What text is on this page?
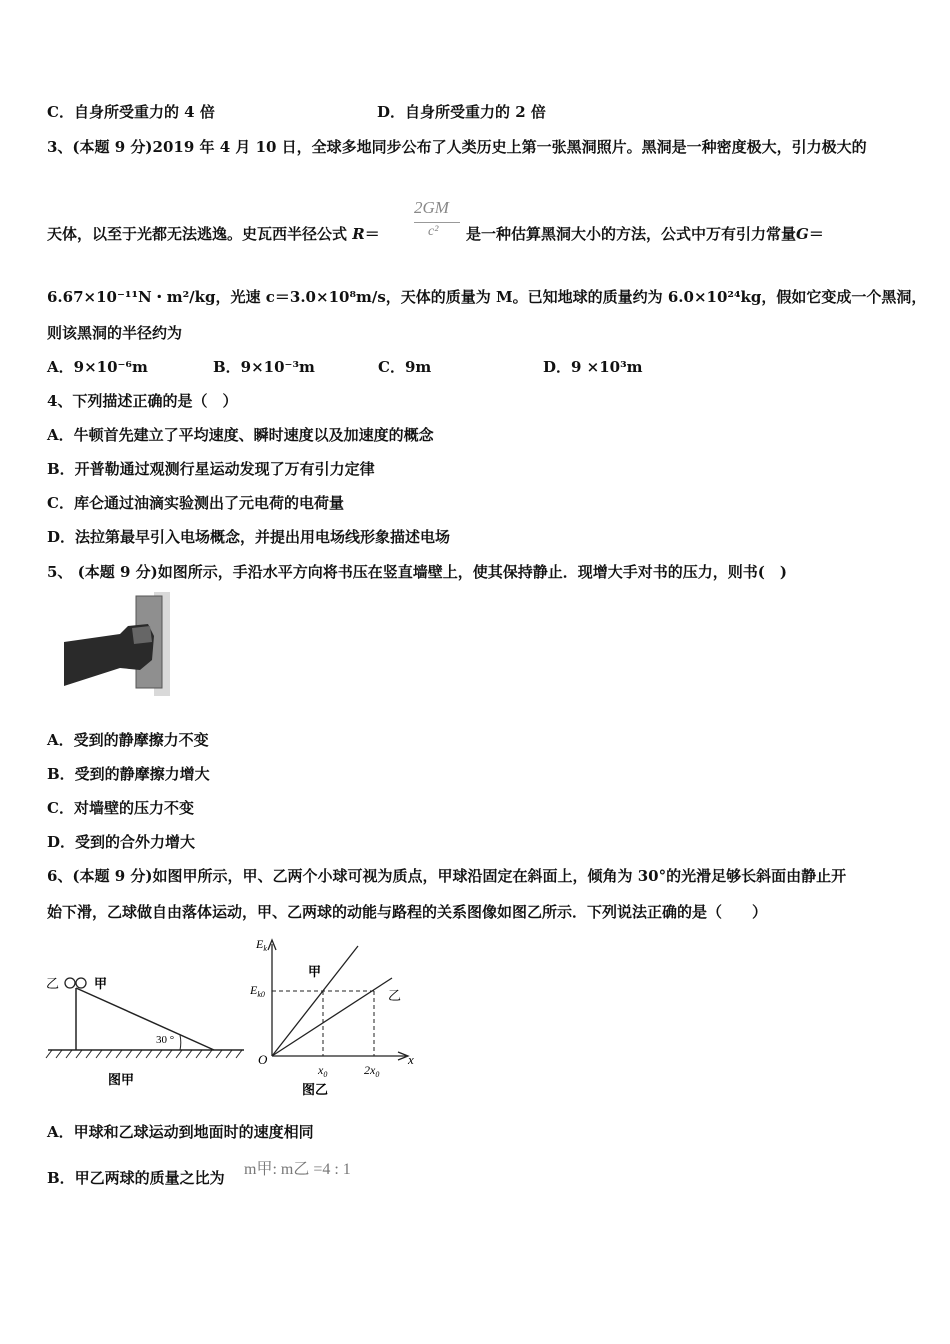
C．自身所受重力的 4 倍	D．自身所受重力的 2 倍
3、(本题 9 分)2019 年 4 月 10 日，全球多地同步公布了人类历史上第一张黑洞照片。黑洞是一种密度极大，引力极大的
天体，以至于光都无法逃逸。史瓦西半径公式 R＝
2GM
c² 是一种估算黑洞大小的方法，公式中万有引力常量G＝
6.67×10⁻¹¹N・m²/kg，光速 c＝3.0×10⁸m/s，天体的质量为 M。已知地球的质量约为 6.0×10²⁴kg，假如它变成一个黑洞，
则该黑洞的半径约为
A．9×10⁻⁶m	B．9×10⁻³m	C．9m	D．9 ×10³m
4、下列描述正确的是（　）
A．牛顿首先建立了平均速度、瞬时速度以及加速度的概念
B．开普勒通过观测行星运动发现了万有引力定律
C．库仑通过油滴实验测出了元电荷的电荷量
D．法拉第最早引入电场概念，并提出用电场线形象描述电场
5、 (本题 9 分)如图所示，手沿水平方向将书压在竖直墙壁上，使其保持静止．现增大手对书的压力，则书(　)
A．受到的静摩擦力不变
B．受到的静摩擦力增大
C．对墙壁的压力不变
D．受到的合外力增大
6、(本题 9 分)如图甲所示，甲、乙两个小球可视为质点，甲球沿固定在斜面上，倾角为 30°的光滑足够长斜面由静止开
始下滑，乙球做自由落体运动，甲、乙两球的动能与路程的关系图像如图乙所示．下列说法正确的是（　　）
乙	甲
30 °
图甲
$E_k$
$E_{k0}$
甲
乙
O	x
$x_0$	$2x_0$
图乙
A．甲球和乙球运动到地面时的速度相同
B．甲乙两球的质量之比为 m甲: m乙 =4 : 1
